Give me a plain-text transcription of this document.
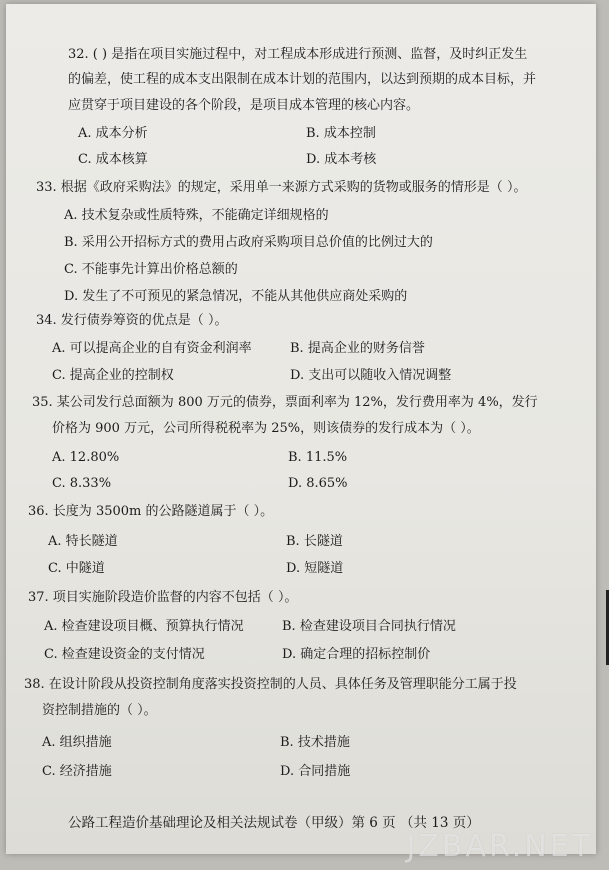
32. ( ) 是指在项目实施过程中，对工程成本形成进行预测、监督，及时纠正发生
的偏差，使工程的成本支出限制在成本计划的范围内，以达到预期的成本目标，并
应贯穿于项目建设的各个阶段，是项目成本管理的核心内容。
A. 成本分析	B. 成本控制
C. 成本核算	D. 成本考核
33. 根据《政府采购法》的规定，采用单一来源方式采购的货物或服务的情形是（ ）。
A. 技术复杂或性质特殊，不能确定详细规格的
B. 采用公开招标方式的费用占政府采购项目总价值的比例过大的
C. 不能事先计算出价格总额的
D. 发生了不可预见的紧急情况，不能从其他供应商处采购的
34. 发行债券筹资的优点是（ ）。
A. 可以提高企业的自有资金利润率	B. 提高企业的财务信誉
C. 提高企业的控制权	D. 支出可以随收入情况调整
35. 某公司发行总面额为 800 万元的债券，票面利率为 12%，发行费用率为 4%，发行
价格为 900 万元，公司所得税税率为 25%，则该债券的发行成本为（ ）。
A. 12.80%	B. 11.5%
C. 8.33%	D. 8.65%
36. 长度为 3500m 的公路隧道属于（ ）。
A. 特长隧道	B. 长隧道
C. 中隧道	D. 短隧道
37. 项目实施阶段造价监督的内容不包括（ ）。
A. 检查建设项目概、预算执行情况	B. 检查建设项目合同执行情况
C. 检查建设资金的支付情况	D. 确定合理的招标控制价
38. 在设计阶段从投资控制角度落实投资控制的人员、具体任务及管理职能分工属于投
资控制措施的（ ）。
A. 组织措施	B. 技术措施
C. 经济措施	D. 合同措施
公路工程造价基础理论及相关法规试卷（甲级）第 6 页 （共 13 页）
JZBAR.NET
